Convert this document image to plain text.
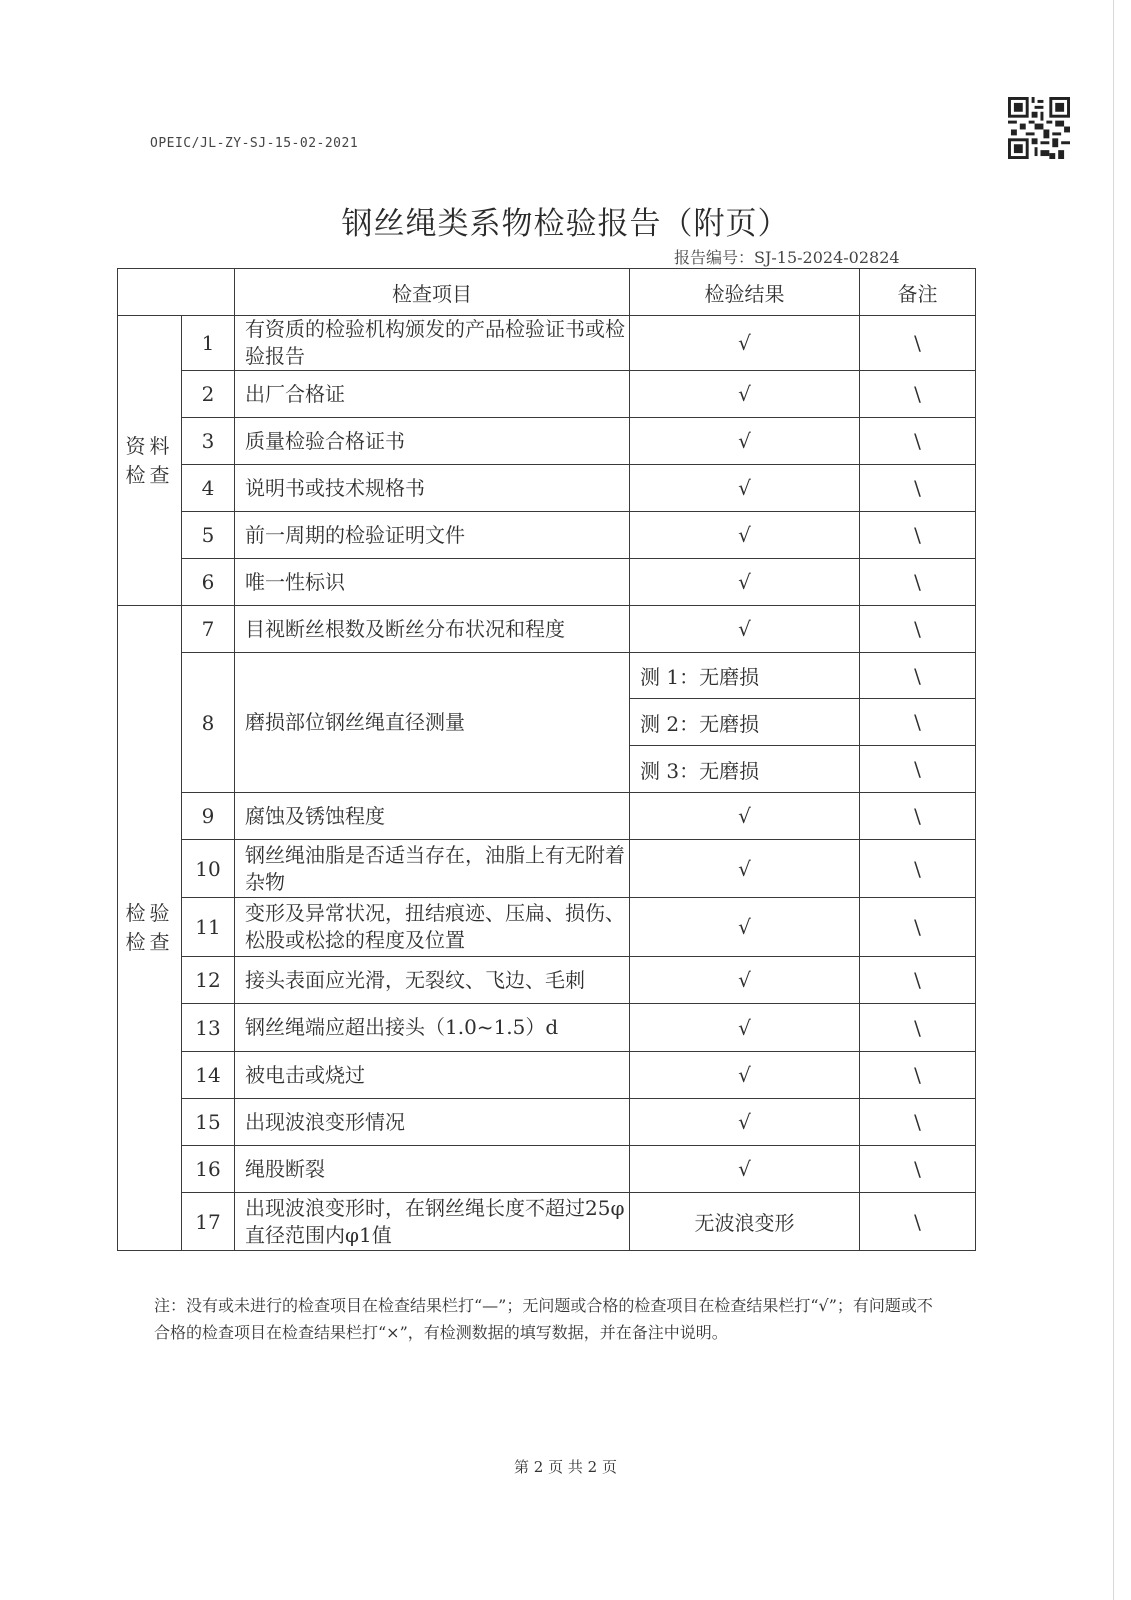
OPEIC/JL-ZY-SJ-15-02-2021
钢丝绳类系物检验报告（附页）
报告编号：SJ-15-2024-02824
		检查项目	检验结果	备注
资料检查	1	有资质的检验机构颁发的产品检验证书或检验报告	√	\
	2	出厂合格证	√	\
	3	质量检验合格证书	√	\
	4	说明书或技术规格书	√	\
	5	前一周期的检验证明文件	√	\
	6	唯一性标识	√	\
检验检查	7	目视断丝根数及断丝分布状况和程度	√	\
	8	磨损部位钢丝绳直径测量	测 1：无磨损	\
			测 2：无磨损	\
			测 3：无磨损	\
	9	腐蚀及锈蚀程度	√	\
	10	钢丝绳油脂是否适当存在，油脂上有无附着杂物	√	\
	11	变形及异常状况，扭结痕迹、压扁、损伤、松股或松捻的程度及位置	√	\
	12	接头表面应光滑，无裂纹、飞边、毛刺	√	\
	13	钢丝绳端应超出接头（1.0~1.5）d	√	\
	14	被电击或烧过	√	\
	15	出现波浪变形情况	√	\
	16	绳股断裂	√	\
	17	出现波浪变形时，在钢丝绳长度不超过25φ直径范围内φ1值	无波浪变形	\
注：没有或未进行的检查项目在检查结果栏打“—”；无问题或合格的检查项目在检查结果栏打“√”；有问题或不合格的检查项目在检查结果栏打“×”，有检测数据的填写数据，并在备注中说明。
第 2 页 共 2 页
